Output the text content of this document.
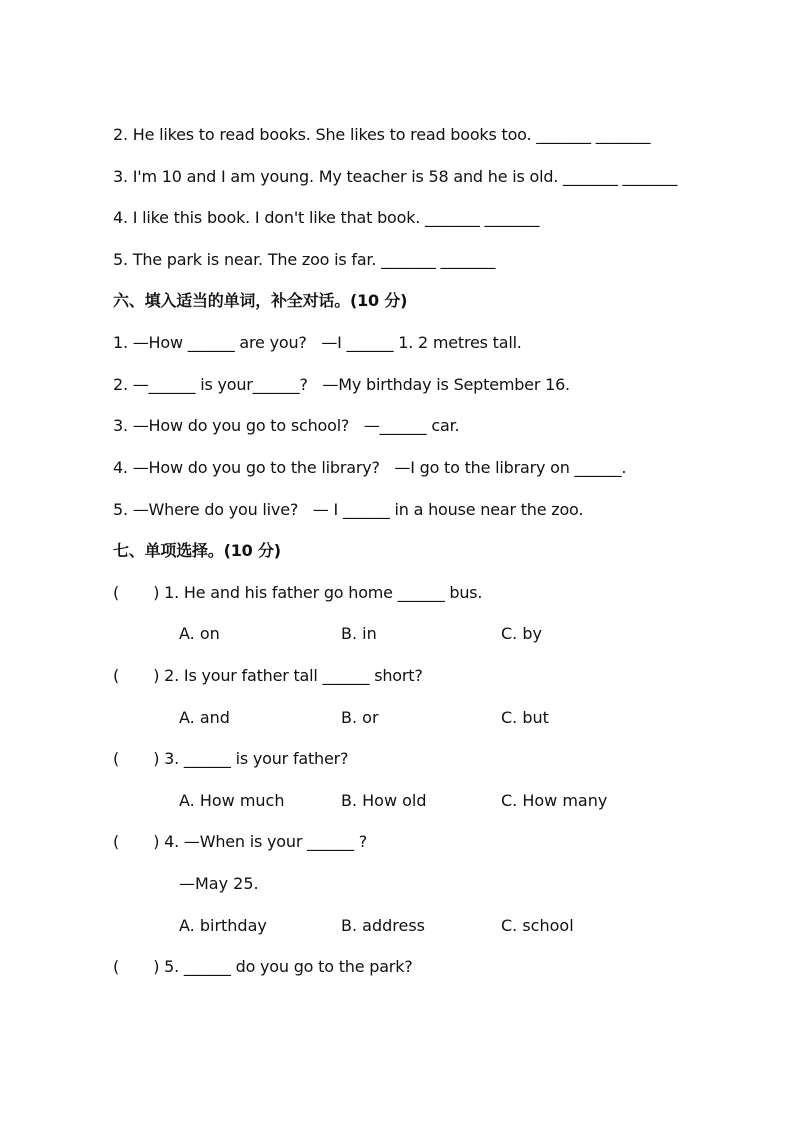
2. He likes to read books. She likes to read books too. _______ _______
3. I'm 10 and I am young. My teacher is 58 and he is old. _______ _______
4. I like this book. I don't like that book. _______ _______
5. The park is near. The zoo is far. _______ _______
六、填入适当的单词，补全对话。(10 分)
1. —How ______ are you?   —I ______ 1. 2 metres tall.
2. —______ is your______?   —My birthday is September 16.
3. —How do you go to school?   —______ car.
4. —How do you go to the library?   —I go to the library on ______.
5. —Where do you live?   — I ______ in a house near the zoo.
七、单项选择。(10 分)
(       ) 1. He and his father go home ______ bus.
A. on	B. in	C. by
(       ) 2. Is your father tall ______ short?
A. and	B. or	C. but
(       ) 3. ______ is your father?
A. How much	B. How old	C. How many
(       ) 4. —When is your ______ ?
—May 25.
A. birthday	B. address	C. school
(       ) 5. ______ do you go to the park?
